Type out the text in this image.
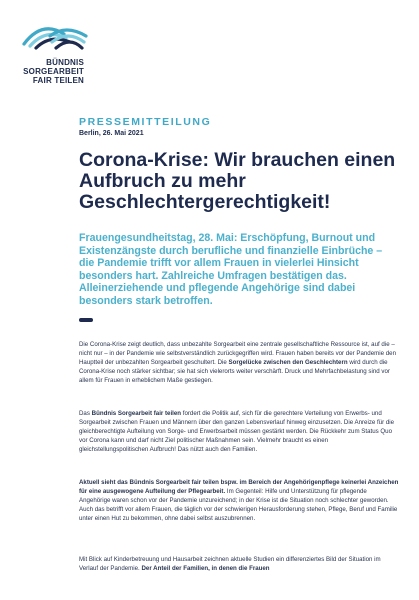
BÜNDNIS
SORGEARBEIT
FAIR TEILEN
PRESSEMITTEILUNG
Berlin, 26. Mai 2021
Corona-Krise: Wir brauchen einen Aufbruch zu mehr Geschlechtergerechtigkeit!

Frauengesundheitstag, 28. Mai: Erschöpfung, Burnout und Existenzängste durch berufliche und finanzielle Einbrüche – die Pandemie trifft vor allem Frauen in vielerlei Hinsicht besonders hart. Zahlreiche Umfragen bestätigen das. Alleinerziehende und pflegende Angehörige sind dabei besonders stark betroffen.

Die Corona-Krise zeigt deutlich, dass unbezahlte Sorgearbeit eine zentrale gesellschaftliche Ressource ist, auf die – nicht nur – in der Pandemie wie selbstverständlich zurückgegriffen wird. Frauen haben bereits vor der Pandemie den Hauptteil der unbezahlten Sorgearbeit geschultert. Die Sorgelücke zwischen den Geschlechtern wird durch die Corona-Krise noch stärker sichtbar; sie hat sich vielerorts weiter verschärft. Druck und Mehrfachbelastung sind vor allem für Frauen in erheblichem Maße gestiegen.

Das Bündnis Sorgearbeit fair teilen fordert die Politik auf, sich für die gerechtere Verteilung von Erwerbs- und Sorgearbeit zwischen Frauen und Männern über den ganzen Lebensverlauf hinweg einzusetzen. Die Anreize für die gleichberechtigte Aufteilung von Sorge- und Erwerbsarbeit müssen gestärkt werden. Die Rückkehr zum Status Quo vor Corona kann und darf nicht Ziel politischer Maßnahmen sein. Vielmehr braucht es einen gleichstellungspolitischen Aufbruch! Das nützt auch den Familien.

Aktuell sieht das Bündnis Sorgearbeit fair teilen bspw. im Bereich der Angehörigenpflege keinerlei Anzeichen für eine ausgewogene Aufteilung der Pflegearbeit. Im Gegenteil: Hilfe und Unterstützung für pflegende Angehörige waren schon vor der Pandemie unzureichend; in der Krise ist die Situation noch schlechter geworden. Auch das betrifft vor allem Frauen, die täglich vor der schwierigen Herausforderung stehen, Pflege, Beruf und Familie unter einen Hut zu bekommen, ohne dabei selbst auszubrennen.

Mit Blick auf Kinderbetreuung und Hausarbeit zeichnen aktuelle Studien ein differenziertes Bild der Situation im Verlauf der Pandemie. Der Anteil der Familien, in denen die Frauen
